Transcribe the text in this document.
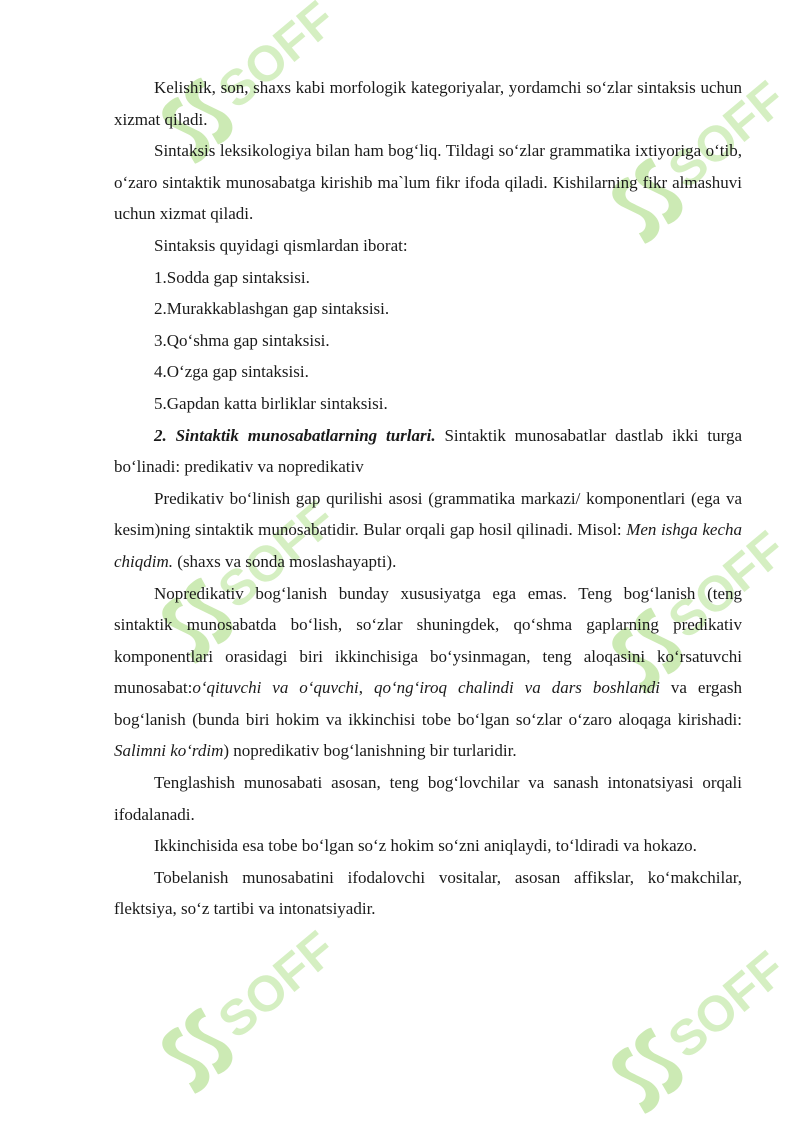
Kelishik, son, shaxs kabi morfologik kategoriyalar, yordamchi so‘zlar sintaksis uchun xizmat qiladi.

Sintaksis leksikologiya bilan ham bog‘liq. Tildagi so‘zlar grammatika ixtiyoriga o‘tib, o‘zaro sintaktik munosabatga kirishib ma`lum fikr ifoda qiladi. Kishilarning fikr almashuvi uchun xizmat qiladi.

Sintaksis quyidagi qismlardan iborat:

1.Sodda gap sintaksisi.

2.Murakkablashgan gap sintaksisi.

3.Qo‘shma gap sintaksisi.

4.O‘zga gap sintaksisi.

5.Gapdan katta birliklar sintaksisi.

2. Sintaktik munosabatlarning turlari. Sintaktik munosabatlar dastlab ikki turga bo‘linadi: predikativ va nopredikativ

Predikativ bo‘linish gap qurilishi asosi (grammatika markazi/ komponentlari (ega va kesim)ning sintaktik munosabatidir. Bular orqali gap hosil qilinadi. Misol: Men ishga kecha chiqdim. (shaxs va sonda moslashayapti).

Nopredikativ bog‘lanish bunday xususiyatga ega emas. Teng bog‘lanish (teng sintaktik munosabatda bo‘lish, so‘zlar shuningdek, qo‘shma gaplarning predikativ komponentlari orasidagi biri ikkinchisiga bo‘ysinmagan, teng aloqasini ko‘rsatuvchi munosabat:o‘qituvchi va o‘quvchi, qo‘ng‘iroq chalindi va dars boshlandi va ergash bog‘lanish (bunda biri hokim va ikkinchisi tobe bo‘lgan so‘zlar o‘zaro aloqaga kirishadi: Salimni ko‘rdim) nopredikativ bog‘lanishning bir turlaridir.

Tenglashish munosabati asosan, teng bog‘lovchilar va sanash intonatsiyasi orqali ifodalanadi.

Ikkinchisida esa tobe bo‘lgan so‘z hokim so‘zni aniqlaydi, to‘ldiradi va hokazo.

Tobelanish munosabatini ifodalovchi vositalar, asosan affikslar, ko‘makchilar, flektsiya, so‘z tartibi va intonatsiyadir.
